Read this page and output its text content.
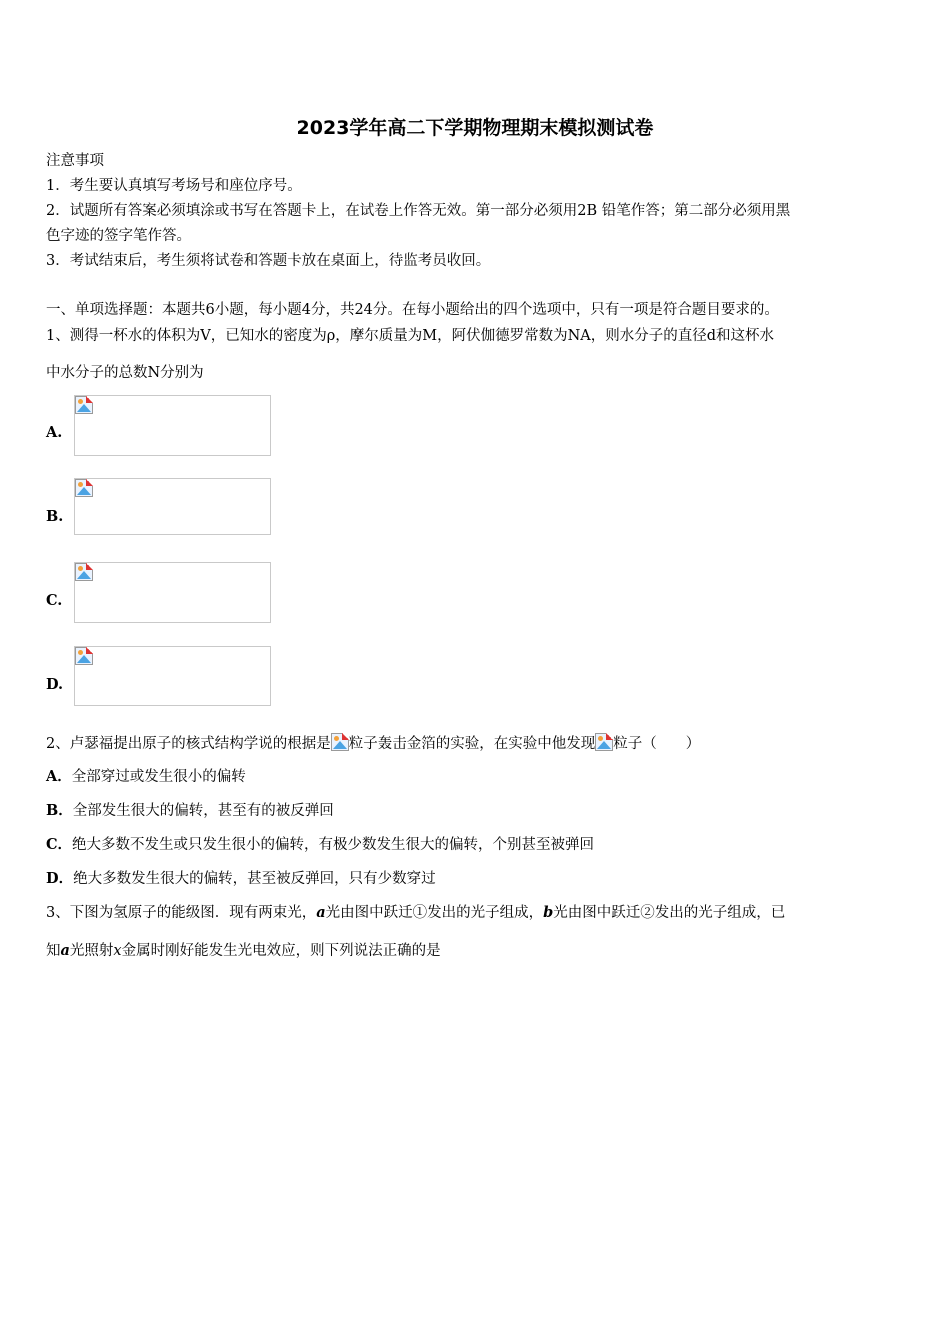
2023学年高二下学期物理期末模拟测试卷
注意事项
1．考生要认真填写考场号和座位序号。
2．试题所有答案必须填涂或书写在答题卡上，在试卷上作答无效。第一部分必须用2B 铅笔作答；第二部分必须用黑
色字迹的签字笔作答。
3．考试结束后，考生须将试卷和答题卡放在桌面上，待监考员收回。
一、单项选择题：本题共6小题，每小题4分，共24分。在每小题给出的四个选项中，只有一项是符合题目要求的。
1、测得一杯水的体积为V，已知水的密度为ρ，摩尔质量为M，阿伏伽德罗常数为NA，则水分子的直径d和这杯水
中水分子的总数N分别为
A.
B.
C.
D.
2、卢瑟福提出原子的核式结构学说的根据是 粒子轰击金箔的实验，在实验中他发现 粒子（　　）
A．全部穿过或发生很小的偏转
B．全部发生很大的偏转，甚至有的被反弹回
C．绝大多数不发生或只发生很小的偏转，有极少数发生很大的偏转，个别甚至被弹回
D．绝大多数发生很大的偏转，甚至被反弹回，只有少数穿过
3、下图为氢原子的能级图．现有两束光，a光由图中跃迁①发出的光子组成，b光由图中跃迁②发出的光子组成，已
知a光照射x金属时刚好能发生光电效应，则下列说法正确的是
